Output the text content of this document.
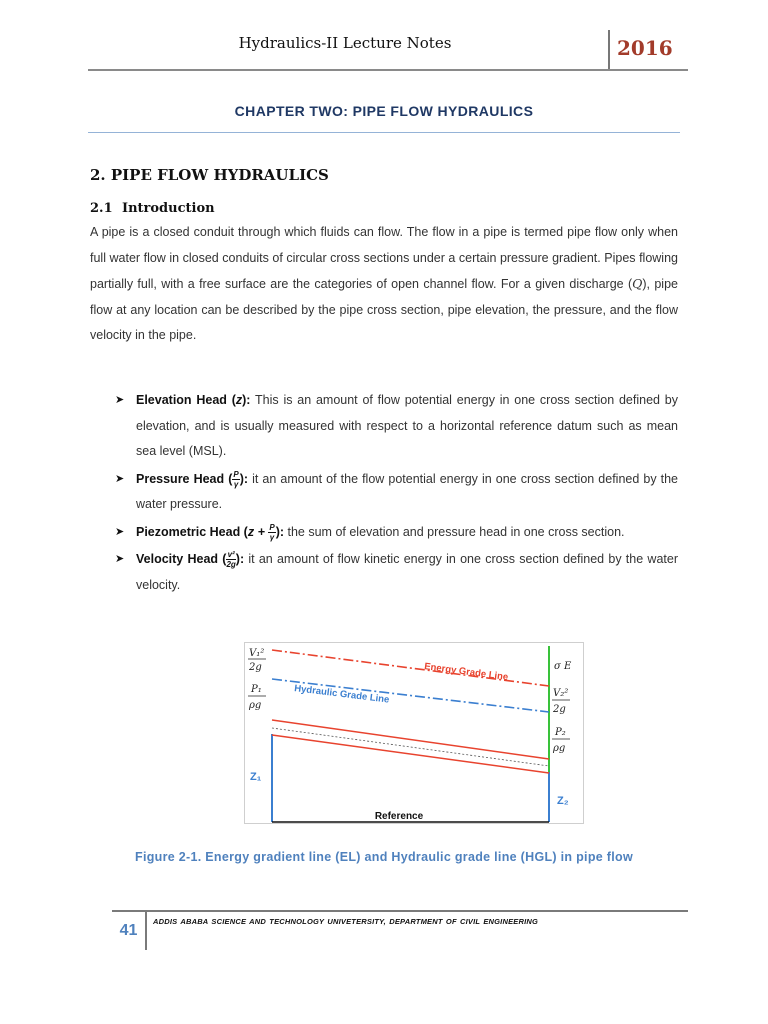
Hydraulics-II Lecture Notes	2016
CHAPTER TWO: PIPE FLOW HYDRAULICS
2. PIPE FLOW HYDRAULICS
2.1 Introduction

A pipe is a closed conduit through which fluids can flow. The flow in a pipe is termed pipe flow only when full water flow in closed conduits of circular cross sections under a certain pressure gradient. Pipes flowing partially full, with a free surface are the categories of open channel flow. For a given discharge (Q), pipe flow at any location can be described by the pipe cross section, pipe elevation, the pressure, and the flow velocity in the pipe.

➤ Elevation Head (z): This is an amount of flow potential energy in one cross section defined by elevation, and is usually measured with respect to a horizontal reference datum such as mean sea level (MSL).
➤ Pressure Head ( $\frac{P}{\gamma}$ ): it an amount of the flow potential energy in one cross section defined by the water pressure.
➤ Piezometric Head ($z + \frac{P}{\gamma}$ ): the sum of elevation and pressure head in one cross section.
➤ Velocity Head ( $\frac{\text{v²}}{2g}$ ): it an amount of flow kinetic energy in one cross section defined by the water velocity.
V₁²
2g
P₁
ρg
Z₁
Energy Grade Line
Hydraulic Grade Line
σ E
V₂²
2g
P₂
ρg
Z₂
Reference
Figure 2-1. Energy gradient line (EL) and Hydraulic grade line (HGL) in pipe flow
41
ADDIS ABABA SCIENCE AND TECHNOLOGY UNIVETERSITY, DEPARTMENT OF CIVIL ENGINEERING
